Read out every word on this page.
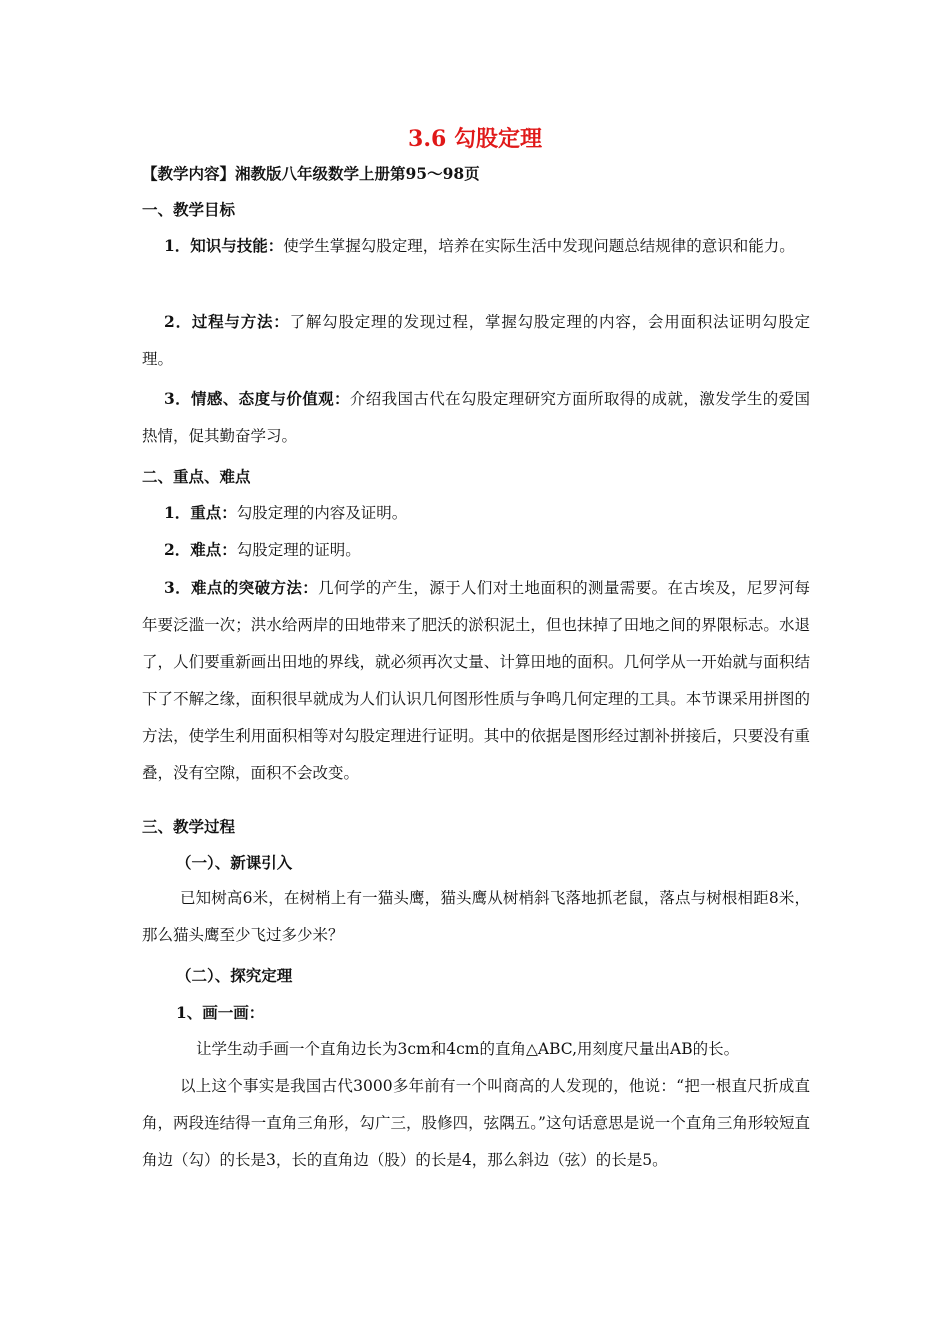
3.6 勾股定理

【教学内容】湘教版八年级数学上册第95～98页

一、教学目标

1．知识与技能：使学生掌握勾股定理，培养在实际生活中发现问题总结规律的意识和能力。

2．过程与方法：了解勾股定理的发现过程，掌握勾股定理的内容，会用面积法证明勾股定理。

3．情感、态度与价值观：介绍我国古代在勾股定理研究方面所取得的成就，激发学生的爱国热情，促其勤奋学习。

二、重点、难点

1．重点：勾股定理的内容及证明。

2．难点：勾股定理的证明。

3．难点的突破方法：几何学的产生，源于人们对土地面积的测量需要。在古埃及，尼罗河每年要泛滥一次；洪水给两岸的田地带来了肥沃的淤积泥土，但也抹掉了田地之间的界限标志。水退了，人们要重新画出田地的界线，就必须再次丈量、计算田地的面积。几何学从一开始就与面积结下了不解之缘，面积很早就成为人们认识几何图形性质与争鸣几何定理的工具。本节课采用拼图的方法，使学生利用面积相等对勾股定理进行证明。其中的依据是图形经过割补拼接后，只要没有重叠，没有空隙，面积不会改变。

三、教学过程

（一）、新课引入

已知树高6米，在树梢上有一猫头鹰，猫头鹰从树梢斜飞落地抓老鼠，落点与树根相距8米，那么猫头鹰至少飞过多少米？

（二）、探究定理

1、画一画：

让学生动手画一个直角边长为3cm和4cm的直角△ABC,用刻度尺量出AB的长。

以上这个事实是我国古代3000多年前有一个叫商高的人发现的，他说：“把一根直尺折成直角，两段连结得一直角三角形，勾广三，股修四，弦隅五。”这句话意思是说一个直角三角形较短直角边（勾）的长是3，长的直角边（股）的长是4，那么斜边（弦）的长是5。
